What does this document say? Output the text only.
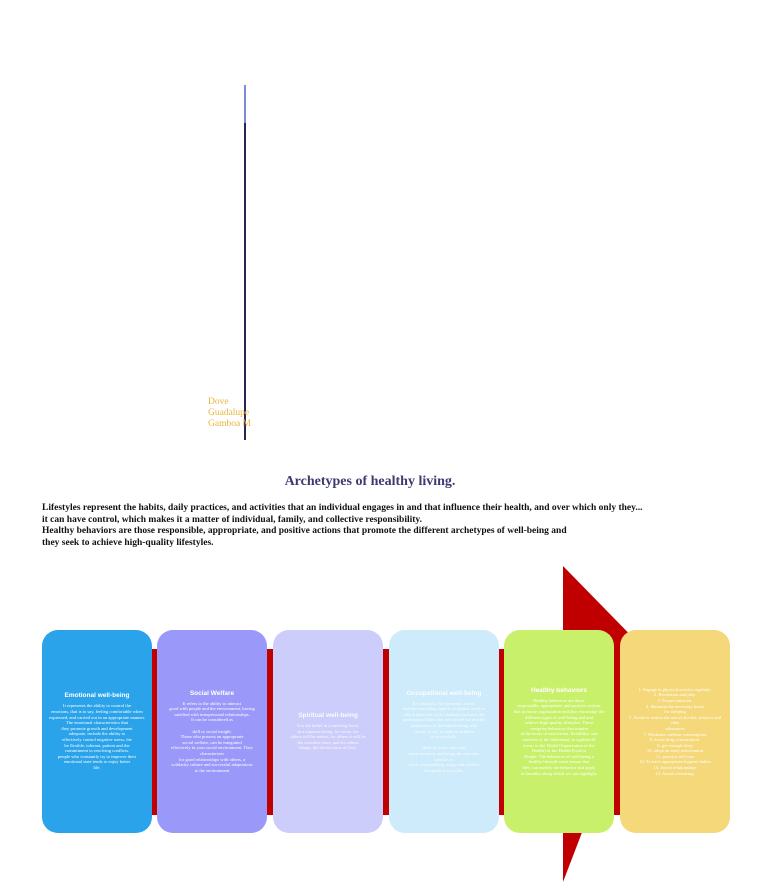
Dove
Guadalupe
Gamboa M
Archetypes of healthy living.

Lifestyles represent the habits, daily practices, and activities that an individual engages in and that influence their health, and over which only they...
it can have control, which makes it a matter of individual, family, and collective responsibility.

Healthy behaviors are those responsible, appropriate, and positive actions that promote the different archetypes of well-being and
they seek to achieve high-quality lifestyles.

Emotional well-being
It represents the ability to control the
emotions, that is to say, feeling comfortable when
expressed, and carried out in an appropriate manner.
The emotional characteristics that
they promote growth and development
adequate, include the ability to
effectively control negative stress, the
be flexible, tolerant, patient and the
commitment to resolving conflicts.
people who constantly try to improve their
emotional state tends to enjoy better
life.
Social Welfare
It refers to the ability to interact
good with people and the environment, having
satisfied with interpersonal relationships.
It can be considered as

skill or social insight.
Those who possess an appropriate
social welfare, can be integrated
effectively in your social environment. They
characterizes
for good relationships with others, a
solidarity culture and successful adaptations
to the environment
Spiritual well-being
It is the belief in a unifying force,
in a supreme being, for some, for
others will be nature, for others it will be
the scientific laws, and for others
things, the divine force of God.
Occupational well-being
It is related to the personal, social,
and the rewarding aspects of human work in
which there has to be a balance between the
professional tasks that are carried out and the
satisfaction of the human being who
carries it out, in order to achieve
it successfully.

skills to work, one must
have creativity and being the one who
satisfies it,
work responsibility, enjoy and achieve
the goals of your life.
Healthy behaviors
Healthy behaviors are those
responsible, appropriate, and positive actions
that promote organization and also encourage the
different types of well-being and and
achieve high-quality lifestyles. These
comprise behaviors that require
in the terms of motivation, flexibility, and
interests of the individual, as applied all
areas, to the World Organization of the
Health) or the Health Food in
People. The behaviors of well-being a
healthy lifestyle must ensure that
they can modify the behavior and apply
its benefits along which we can highlight:
1. Engage in physical activity regularly.
2. Recreation and play.
3. Proper nutrition.
4. Maintain the necessary hours
for sleeping
5. Avoid or reduce the use of alcohol, tobacco and other
substances
7. Moderate caffeine consumption
8. avoid drug consumption.
9. get enough sleep
10. adopt an early intervention
11. practice self-care
12. To have appropriate hygiene habits
13. Social relationships
14. Avoid overeating.
